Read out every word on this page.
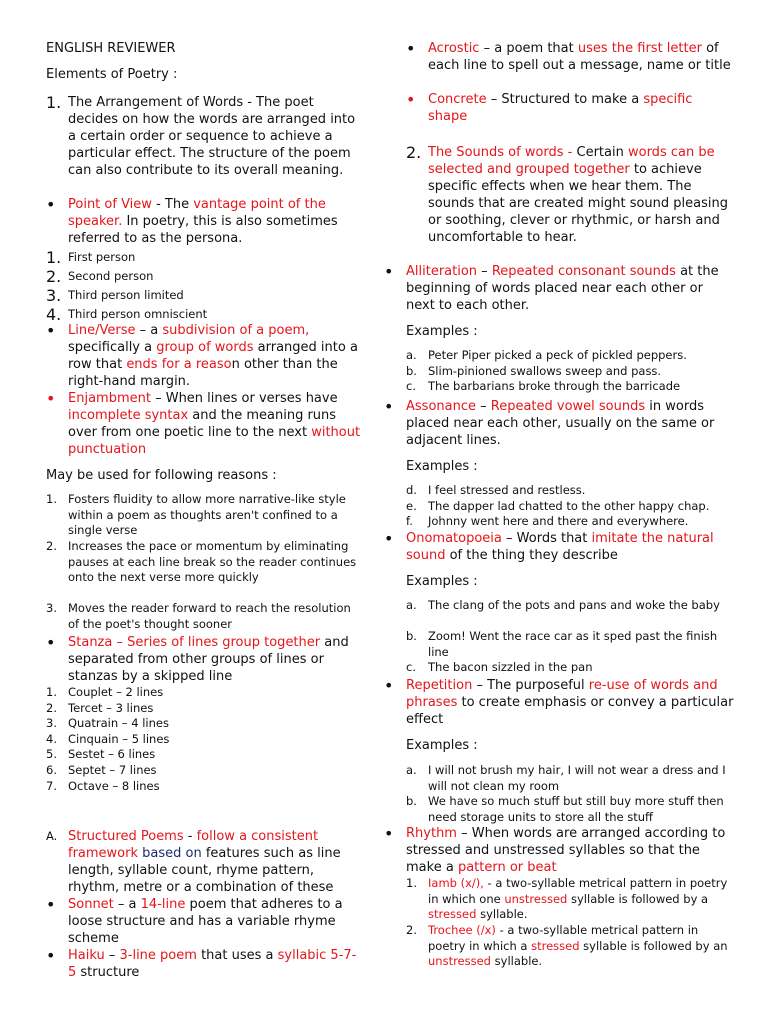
ENGLISH REVIEWER
Elements of Poetry :
1. The Arrangement of Words - The poet decides on how the words are arranged into a certain order or sequence to achieve a particular effect. The structure of the poem can also contribute to its overall meaning.
• Point of View - The vantage point of the speaker. In poetry, this is also sometimes referred to as the persona.
1. First person
2. Second person
3. Third person limited
4. Third person omniscient
• Line/Verse – a subdivision of a poem, specifically a group of words arranged into a row that ends for a reason other than the right-hand margin.
• Enjambment – When lines or verses have incomplete syntax and the meaning runs over from one poetic line to the next without punctuation
May be used for following reasons :
1. Fosters fluidity to allow more narrative-like style within a poem as thoughts aren't confined to a single verse
2. Increases the pace or momentum by eliminating pauses at each line break so the reader continues onto the next verse more quickly
3. Moves the reader forward to reach the resolution of the poet's thought sooner
• Stanza – Series of lines group together and separated from other groups of lines or stanzas by a skipped line
1. Couplet – 2 lines
2. Tercet – 3 lines
3. Quatrain – 4 lines
4. Cinquain – 5 lines
5. Sestet – 6 lines
6. Septet – 7 lines
7. Octave – 8 lines
A. Structured Poems - follow a consistent framework based on features such as line length, syllable count, rhyme pattern, rhythm, metre or a combination of these
• Sonnet – a 14-line poem that adheres to a loose structure and has a variable rhyme scheme
• Haiku – 3-line poem that uses a syllabic 5-7-5 structure
• Acrostic – a poem that uses the first letter of each line to spell out a message, name or title
• Concrete – Structured to make a specific shape
2. The Sounds of words - Certain words can be selected and grouped together to achieve specific effects when we hear them. The sounds that are created might sound pleasing or soothing, clever or rhythmic, or harsh and uncomfortable to hear.
• Alliteration – Repeated consonant sounds at the beginning of words placed near each other or next to each other.
Examples :
a. Peter Piper picked a peck of pickled peppers.
b. Slim-pinioned swallows sweep and pass.
c. The barbarians broke through the barricade
• Assonance – Repeated vowel sounds in words placed near each other, usually on the same or adjacent lines.
Examples :
d. I feel stressed and restless.
e. The dapper lad chatted to the other happy chap.
f. Johnny went here and there and everywhere.
• Onomatopoeia – Words that imitate the natural sound of the thing they describe
Examples :
a. The clang of the pots and pans and woke the baby
b. Zoom! Went the race car as it sped past the finish line
c. The bacon sizzled in the pan
• Repetition – The purposeful re-use of words and phrases to create emphasis or convey a particular effect
Examples :
a. I will not brush my hair, I will not wear a dress and I will not clean my room
b. We have so much stuff but still buy more stuff then need storage units to store all the stuff
• Rhythm – When words are arranged according to stressed and unstressed syllables so that the make a pattern or beat
1. Iamb (x/), - a two-syllable metrical pattern in poetry in which one unstressed syllable is followed by a stressed syllable.
2. Trochee (/x) - a two-syllable metrical pattern in poetry in which a stressed syllable is followed by an unstressed syllable.
